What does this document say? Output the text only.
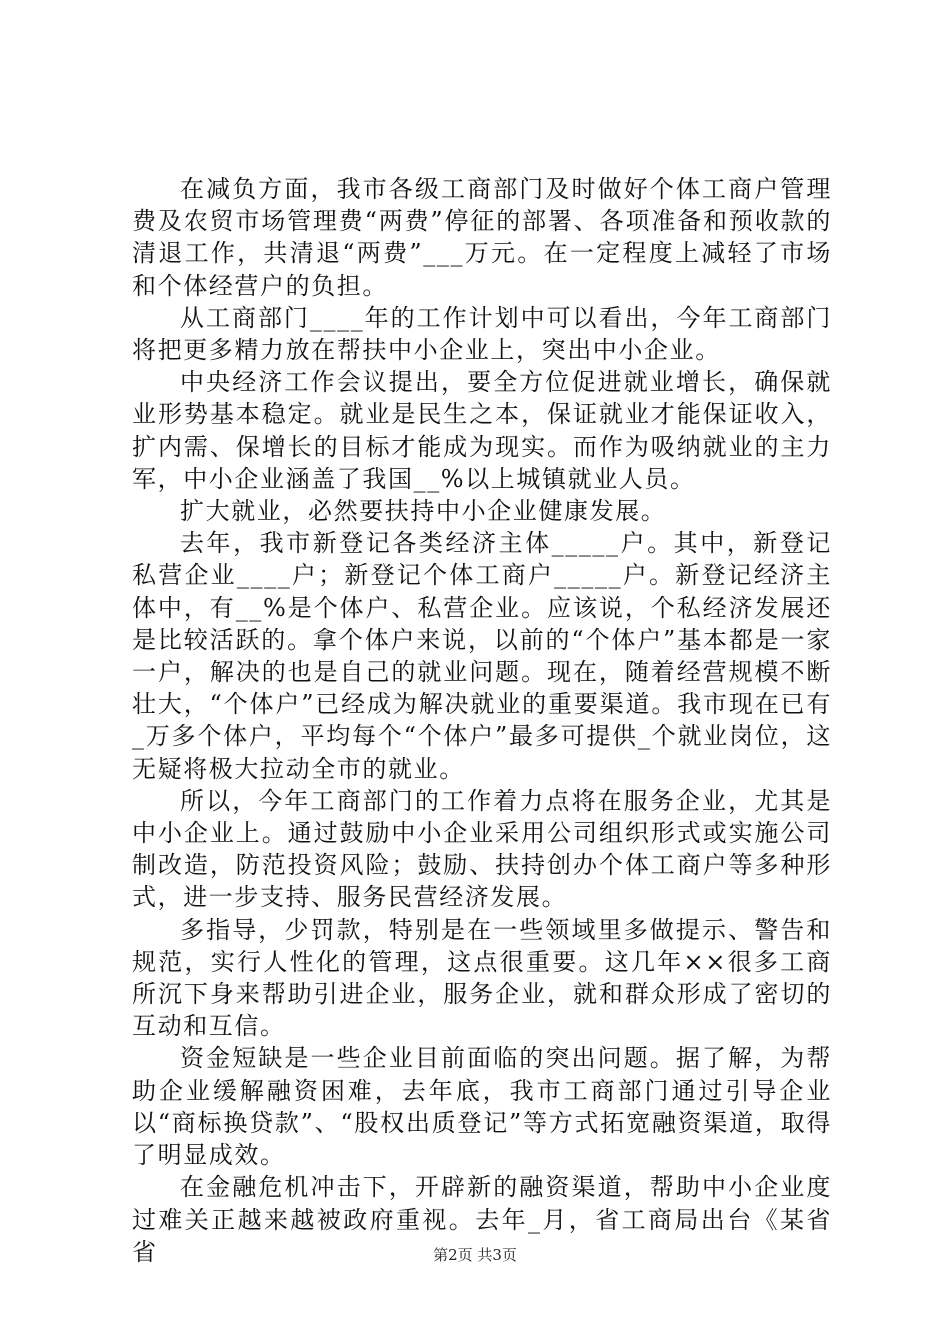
在减负方面，我市各级工商部门及时做好个体工商户管理费及农贸市场管理费“两费”停征的部署、各项准备和预收款的清退工作，共清退“两费”___万元。在一定程度上减轻了市场和个体经营户的负担。

从工商部门____年的工作计划中可以看出，今年工商部门将把更多精力放在帮扶中小企业上，突出中小企业。

中央经济工作会议提出，要全方位促进就业增长，确保就业形势基本稳定。就业是民生之本，保证就业才能保证收入，扩内需、保增长的目标才能成为现实。而作为吸纳就业的主力军，中小企业涵盖了我国__%以上城镇就业人员。

扩大就业，必然要扶持中小企业健康发展。

去年，我市新登记各类经济主体_____户。其中，新登记私营企业____户；新登记个体工商户_____户。新登记经济主体中，有__%是个体户、私营企业。应该说，个私经济发展还是比较活跃的。拿个体户来说，以前的“个体户”基本都是一家一户，解决的也是自己的就业问题。现在，随着经营规模不断壮大，“个体户”已经成为解决就业的重要渠道。我市现在已有_万多个体户，平均每个“个体户”最多可提供_个就业岗位，这无疑将极大拉动全市的就业。

所以，今年工商部门的工作着力点将在服务企业，尤其是中小企业上。通过鼓励中小企业采用公司组织形式或实施公司制改造，防范投资风险；鼓励、扶持创办个体工商户等多种形式，进一步支持、服务民营经济发展。

多指导，少罚款，特别是在一些领域里多做提示、警告和规范，实行人性化的管理，这点很重要。这几年××很多工商所沉下身来帮助引进企业，服务企业，就和群众形成了密切的互动和互信。

资金短缺是一些企业目前面临的突出问题。据了解，为帮助企业缓解融资困难，去年底，我市工商部门通过引导企业以“商标换贷款”、“股权出质登记”等方式拓宽融资渠道，取得了明显成效。

在金融危机冲击下，开辟新的融资渠道，帮助中小企业度过难关正越来越被政府重视。去年_月，省工商局出台《某省省	第2页 共3页
